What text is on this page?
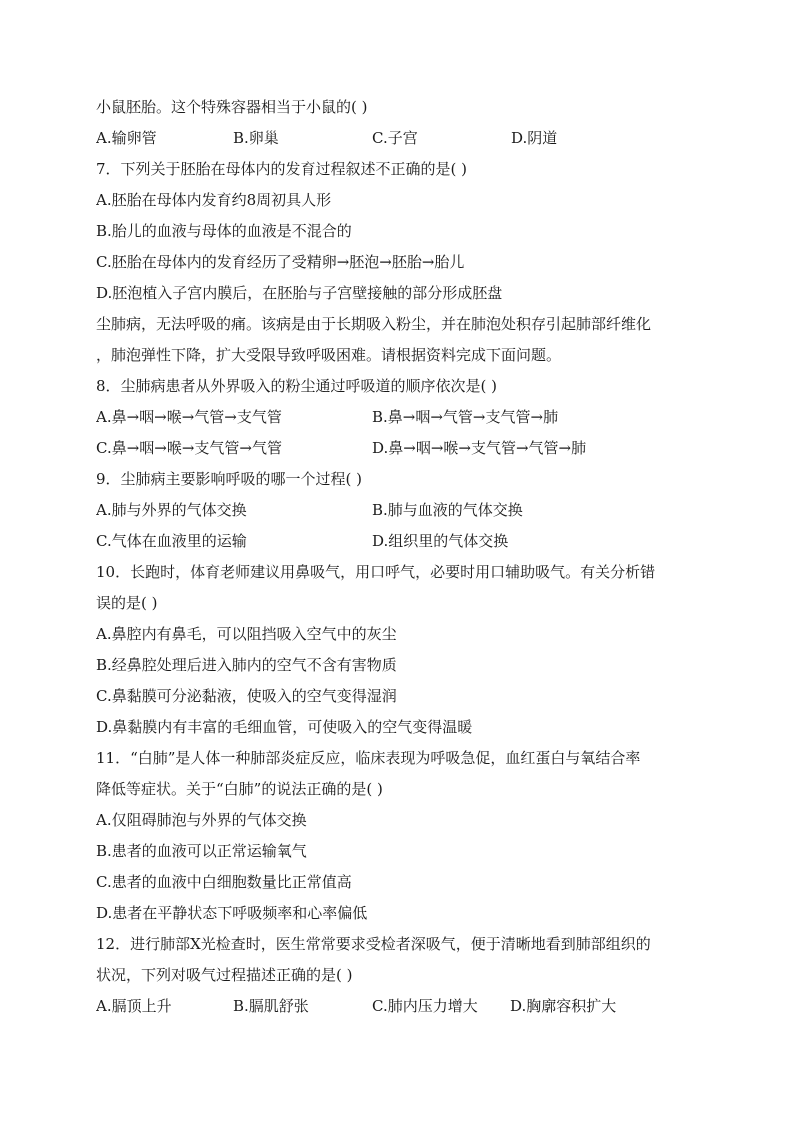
小鼠胚胎。这个特殊容器相当于小鼠的( )
A.输卵管	B.卵巢	C.子宫	D.阴道
7．下列关于胚胎在母体内的发育过程叙述不正确的是( )
A.胚胎在母体内发育约8周初具人形
B.胎儿的血液与母体的血液是不混合的
C.胚胎在母体内的发育经历了受精卵→胚泡→胚胎→胎儿
D.胚泡植入子宫内膜后，在胚胎与子宫壁接触的部分形成胚盘
尘肺病，无法呼吸的痛。该病是由于长期吸入粉尘，并在肺泡处积存引起肺部纤维化
，肺泡弹性下降，扩大受限导致呼吸困难。请根据资料完成下面问题。
8．尘肺病患者从外界吸入的粉尘通过呼吸道的顺序依次是( )
A.鼻→咽→喉→气管→支气管	B.鼻→咽→气管→支气管→肺
C.鼻→咽→喉→支气管→气管	D.鼻→咽→喉→支气管→气管→肺
9．尘肺病主要影响呼吸的哪一个过程( )
A.肺与外界的气体交换	B.肺与血液的气体交换
C.气体在血液里的运输	D.组织里的气体交换
10．长跑时，体育老师建议用鼻吸气，用口呼气，必要时用口辅助吸气。有关分析错
误的是( )
A.鼻腔内有鼻毛，可以阻挡吸入空气中的灰尘
B.经鼻腔处理后进入肺内的空气不含有害物质
C.鼻黏膜可分泌黏液，使吸入的空气变得湿润
D.鼻黏膜内有丰富的毛细血管，可使吸入的空气变得温暖
11．“白肺”是人体一种肺部炎症反应，临床表现为呼吸急促，血红蛋白与氧结合率
降低等症状。关于“白肺”的说法正确的是( )
A.仅阻碍肺泡与外界的气体交换
B.患者的血液可以正常运输氧气
C.患者的血液中白细胞数量比正常值高
D.患者在平静状态下呼吸频率和心率偏低
12．进行肺部X光检查时，医生常常要求受检者深吸气，便于清晰地看到肺部组织的
状况，下列对吸气过程描述正确的是( )
A.膈顶上升	B.膈肌舒张	C.肺内压力增大	D.胸廓容积扩大
